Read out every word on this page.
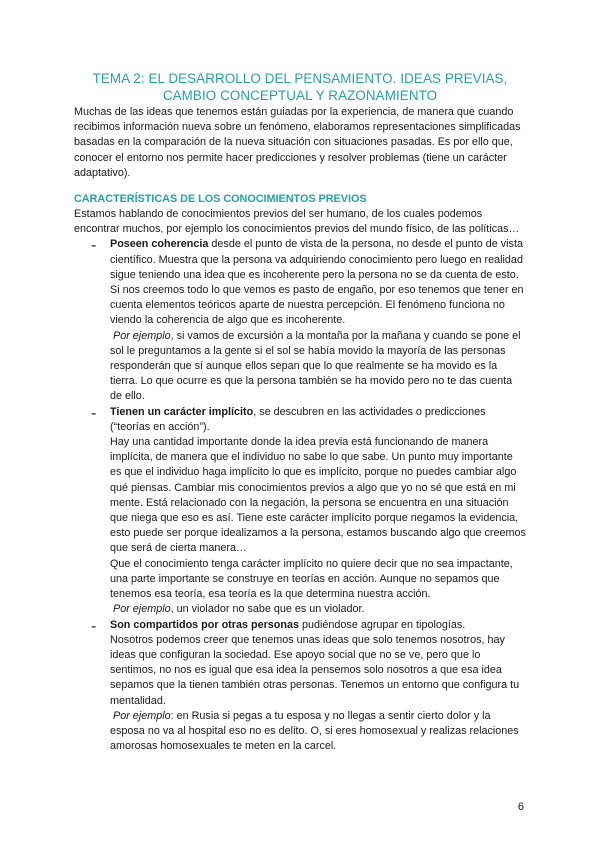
TEMA 2: EL DESARROLLO DEL PENSAMIENTO. IDEAS PREVIAS,
CAMBIO CONCEPTUAL Y RAZONAMIENTO

Muchas de las ideas que tenemos están guiadas por la experiencia, de manera que cuando recibimos información nueva sobre un fenómeno, elaboramos representaciones simplificadas basadas en la comparación de la nueva situación con situaciones pasadas. Es por ello que, conocer el entorno nos permite hacer predicciones y resolver problemas (tiene un carácter adaptativo).

CARACTERÍSTICAS DE LOS CONOCIMIENTOS PREVIOS

Estamos hablando de conocimientos previos del ser humano, de los cuales podemos encontrar muchos, por ejemplo los conocimientos previos del mundo físico, de las políticas…

- Poseen coherencia desde el punto de vista de la persona, no desde el punto de vista científico. Muestra que la persona va adquiriendo conocimiento pero luego en realidad sigue teniendo una idea que es incoherente pero la persona no se da cuenta de esto.

Si nos creemos todo lo que vemos es pasto de engaño, por eso tenemos que tener en cuenta elementos teóricos aparte de nuestra percepción. El fenómeno funciona no viendo la coherencia de algo que es incoherente.

Por ejemplo, si vamos de excursión a la montaña por la mañana y cuando se pone el sol le preguntamos a la gente si el sol se había movido la mayoría de las personas responderán que sí aunque ellos sepan que lo que realmente se ha movido es la tierra. Lo que ocurre es que la persona también se ha movido pero no te das cuenta de ello.

- Tienen un carácter implícito, se descubren en las actividades o predicciones (“teorías en acción”).

Hay una cantidad importante donde la idea previa está funcionando de manera implícita, de manera que el individuo no sabe lo que sabe. Un punto muy importante es que el individuo haga implícito lo que es implícito, porque no puedes cambiar algo qué piensas. Cambiar mis conocimientos previos a algo que yo no sé que está en mi mente. Está relacionado con la negación, la persona se encuentra en una situación que niega que eso es así. Tiene este carácter implícito porque negamos la evidencia, esto puede ser porque idealizamos a la persona, estamos buscando algo que creemos que será de cierta manera…

Que el conocimiento tenga carácter implícito no quiere decir que no sea impactante, una parte importante se construye en teorías en acción. Aunque no sepamos que tenemos esa teoría, esa teoría es la que determina nuestra acción.

Por ejemplo, un violador no sabe que es un violador.

- Son compartidos por otras personas pudiéndose agrupar en tipologías.

Nosotros podemos creer que tenemos unas ideas que solo tenemos nosotros, hay ideas que configuran la sociedad. Ese apoyo social que no se ve, pero que lo sentimos, no nos es igual que esa idea la pensemos solo nosotros a que esa idea sepamos que la tienen también otras personas. Tenemos un entorno que configura tu mentalidad.

Por ejemplo: en Rusia si pegas a tu esposa y no llegas a sentir cierto dolor y la esposa no va al hospital eso no es delito. O, si eres homosexual y realizas relaciones amorosas homosexuales te meten en la carcel.

6
